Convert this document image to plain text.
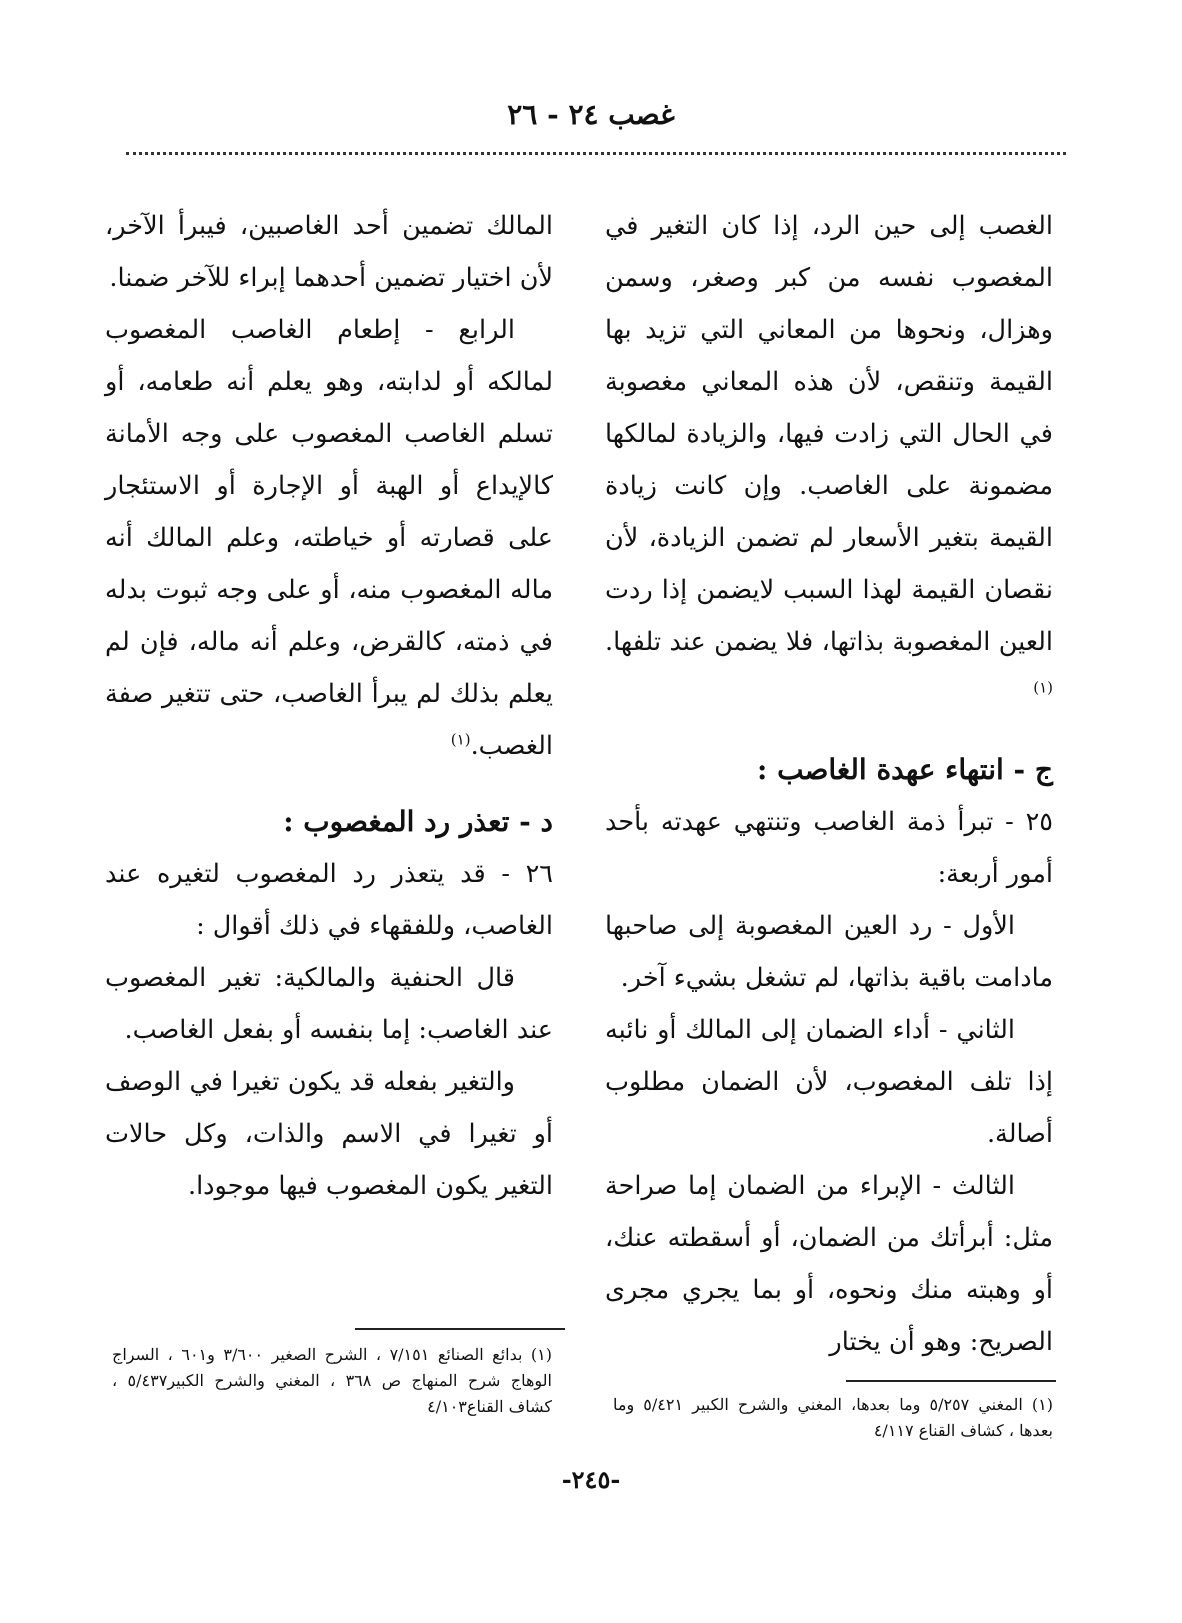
غصب ٢٤ - ٢٦

الغصب إلى حين الرد، إذا كان التغير في المغصوب نفسه من كبر وصغر، وسمن وهزال، ونحوها من المعاني التي تزيد بها القيمة وتنقص، لأن هذه المعاني مغصوبة في الحال التي زادت فيها، والزيادة لمالكها مضمونة على الغاصب. وإن كانت زيادة القيمة بتغير الأسعار لم تضمن الزيادة، لأن نقصان القيمة لهذا السبب لايضمن إذا ردت العين المغصوبة بذاتها، فلا يضمن عند تلفها.$^{(١)}$

ج - انتهاء عهدة الغاصب :

٢٥ - تبرأ ذمة الغاصب وتنتهي عهدته بأحد أمور أربعة:

الأول - رد العين المغصوبة إلى صاحبها مادامت باقية بذاتها، لم تشغل بشيء آخر.

الثاني - أداء الضمان إلى المالك أو نائبه إذا تلف المغصوب، لأن الضمان مطلوب أصالة.

الثالث - الإبراء من الضمان إما صراحة مثل: أبرأتك من الضمان، أو أسقطته عنك، أو وهبته منك ونحوه، أو بما يجري مجرى الصريح: وهو أن يختار

المالك تضمين أحد الغاصبين، فيبرأ الآخر، لأن اختيار تضمين أحدهما إبراء للآخر ضمنا.

الرابع - إطعام الغاصب المغصوب لمالكه أو لدابته، وهو يعلم أنه طعامه، أو تسلم الغاصب المغصوب على وجه الأمانة كالإيداع أو الهبة أو الإجارة أو الاستئجار على قصارته أو خياطته، وعلم المالك أنه ماله المغصوب منه، أو على وجه ثبوت بدله في ذمته، كالقرض، وعلم أنه ماله، فإن لم يعلم بذلك لم يبرأ الغاصب، حتى تتغير صفة الغصب.$^{(١)}$

د - تعذر رد المغصوب :

٢٦ - قد يتعذر رد المغصوب لتغيره عند الغاصب، وللفقهاء في ذلك أقوال :

قال الحنفية والمالكية: تغير المغصوب عند الغاصب: إما بنفسه أو بفعل الغاصب.

والتغير بفعله قد يكون تغيرا في الوصف أو تغيرا في الاسم والذات، وكل حالات التغير يكون المغصوب فيها موجودا.

(١) المغني ٥/٢٥٧ وما بعدها، المغني والشرح الكبير ٥/٤٢١ وما بعدها ، كشاف القناع ٤/١١٧
(١) بدائع الصنائع ٧/١٥١ ، الشرح الصغير ٣/٦٠٠ و٦٠١ ، السراج الوهاج شرح المنهاج ص ٣٦٨ ، المغني والشرح الكبير٥/٤٣٧ ، كشاف القناع٤/١٠٣
-٢٤٥-
